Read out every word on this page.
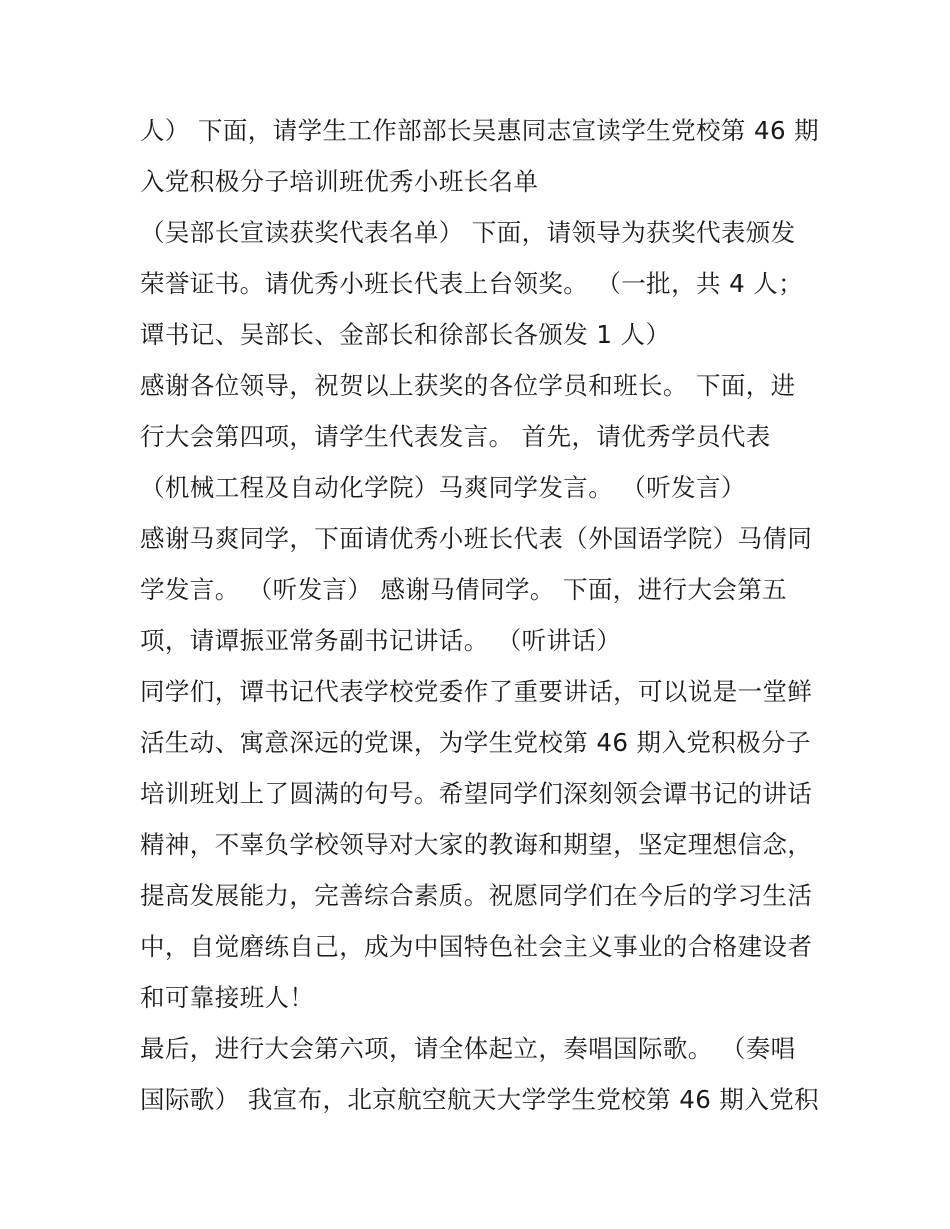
人） 下面，请学生工作部部长吴惠同志宣读学生党校第 46 期
入党积极分子培训班优秀小班长名单
（吴部长宣读获奖代表名单） 下面，请领导为获奖代表颁发
荣誉证书。请优秀小班长代表上台领奖。 （一批，共 4 人；
谭书记、吴部长、金部长和徐部长各颁发 1 人）
感谢各位领导，祝贺以上获奖的各位学员和班长。 下面，进
行大会第四项，请学生代表发言。 首先，请优秀学员代表
（机械工程及自动化学院）马爽同学发言。 （听发言）
感谢马爽同学，下面请优秀小班长代表（外国语学院）马倩同
学发言。 （听发言） 感谢马倩同学。 下面，进行大会第五
项，请谭振亚常务副书记讲话。 （听讲话）
同学们，谭书记代表学校党委作了重要讲话，可以说是一堂鲜
活生动、寓意深远的党课，为学生党校第 46 期入党积极分子
培训班划上了圆满的句号。希望同学们深刻领会谭书记的讲话
精神，不辜负学校领导对大家的教诲和期望，坚定理想信念，
提高发展能力，完善综合素质。祝愿同学们在今后的学习生活
中，自觉磨练自己，成为中国特色社会主义事业的合格建设者
和可靠接班人！
最后，进行大会第六项，请全体起立，奏唱国际歌。 （奏唱
国际歌） 我宣布，北京航空航天大学学生党校第 46 期入党积
